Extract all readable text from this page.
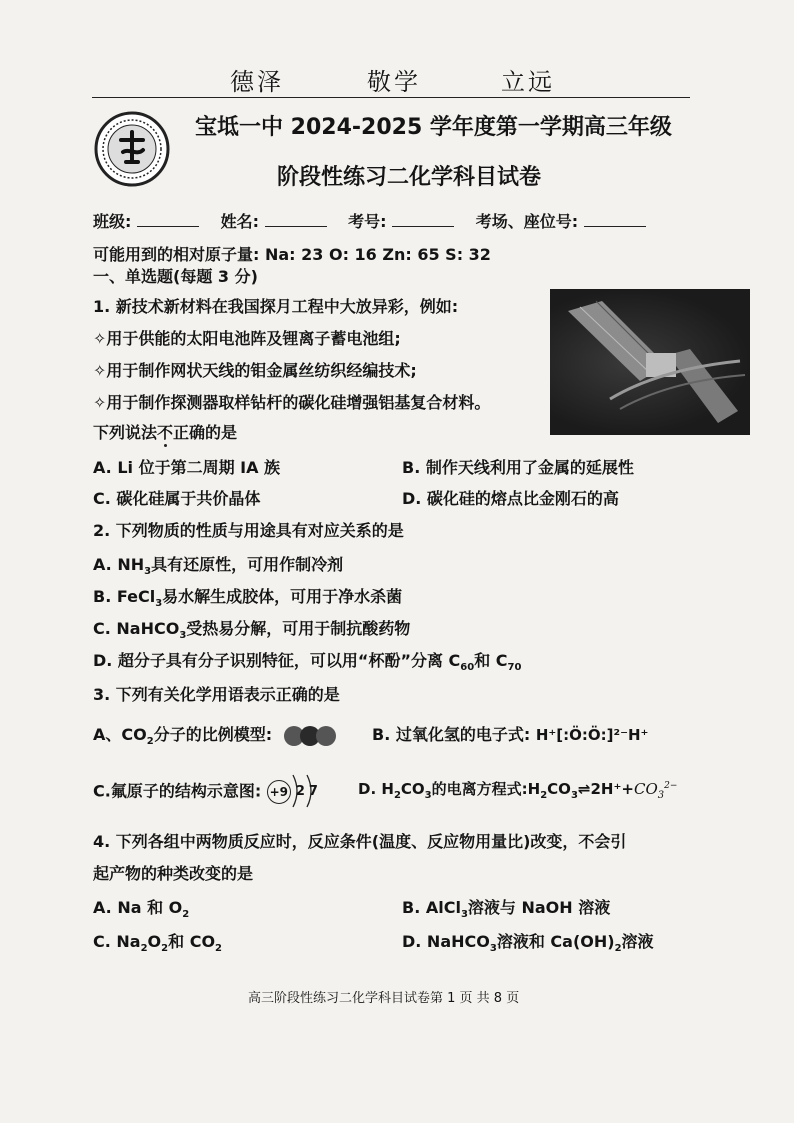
德泽	敬学	立远
宝坻一中 2024-2025 学年度第一学期高三年级
阶段性练习二化学科目试卷
班级:	姓名:	考号:	考场、座位号:
可能用到的相对原子量: Na: 23 O: 16 Zn: 65 S: 32
一、单选题(每题 3 分)
1. 新技术新材料在我国探月工程中大放异彩，例如:
✧用于供能的太阳电池阵及锂离子蓄电池组;
✧用于制作网状天线的钼金属丝纺织经编技术;
✧用于制作探测器取样钻杆的碳化硅增强铝基复合材料。
下列说法不正确的是
A. Li 位于第二周期 IA 族	B. 制作天线利用了金属的延展性
C. 碳化硅属于共价晶体	D. 碳化硅的熔点比金刚石的高
2. 下列物质的性质与用途具有对应关系的是
A. $NH_3$具有还原性，可用作制冷剂
B. FeCl$_3$易水解生成胶体，可用于净水杀菌
C. NaHCO$_3$受热易分解，可用于制抗酸药物
D. 超分子具有分子识别特征，可以用“杯酚”分离 $C_{60}$和 $C_{70}$
3. 下列有关化学用语表示正确的是
A、$CO_2$分子的比例模型:	B. 过氧化氢的电子式: H⁺[:Ö:Ö:]²⁻H⁺
C.氟原子的结构示意图: +9 2 7	D. $H_2CO_3$的电离方程式$:H_2CO_3\rightleftharpoons 2H^++CO_3^{2-}$
4. 下列各组中两物质反应时，反应条件(温度、反应物用量比)改变，不会引
起产物的种类改变的是
A. Na 和 $O_2$	B. AlCl$_3$溶液与 NaOH 溶液
C. $Na_2O_2$和 $CO_2$	D. NaHCO$_3$溶液和 $Ca(OH)_2$溶液
高三阶段性练习二化学科目试卷第 1 页 共 8 页
